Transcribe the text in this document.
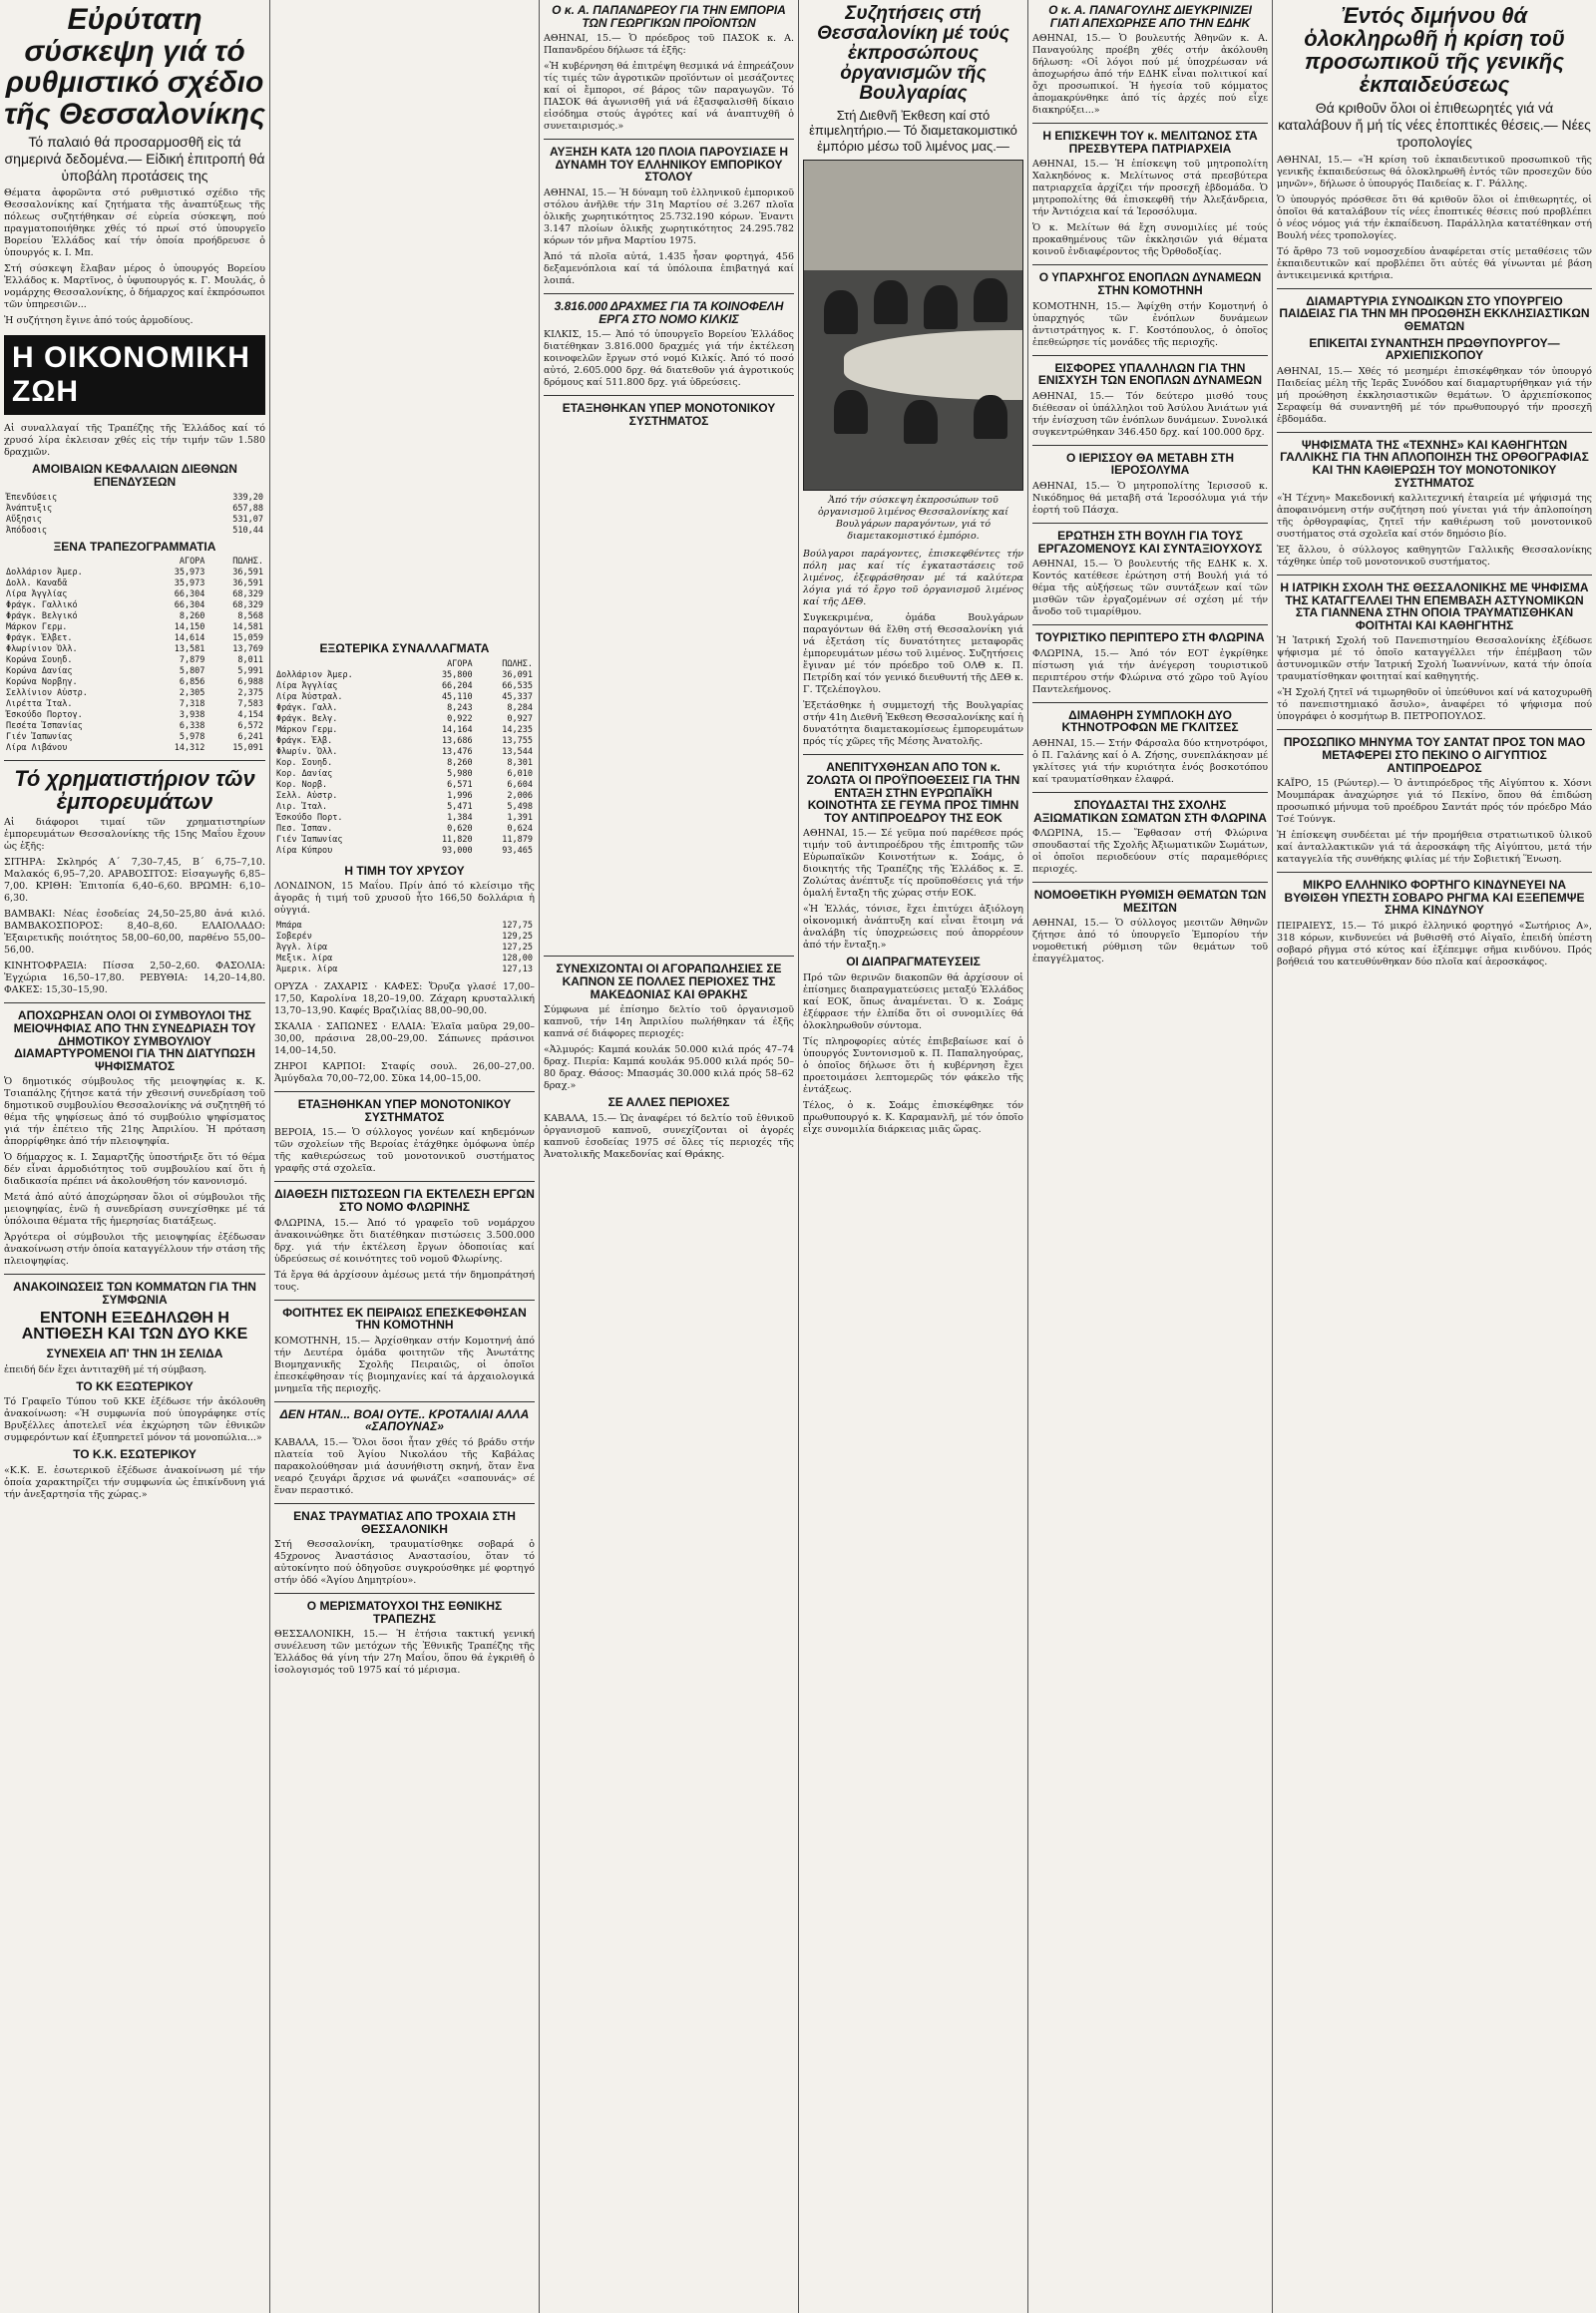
Εὐρύτατη σύσκεψη γιά τό ρυθμιστικό σχέδιο τῆς Θεσσαλονίκης
Τό παλαιό θά προσαρμοσθῆ εἰς τά σημερινά δεδομένα.— Εἰδική ἐπιτροπή θά ὑποβάλη προτάσεις της

Θέματα ἀφορῶντα στό ρυθμιστικό σχέδιο τῆς Θεσσαλονίκης καί ζητήματα τῆς ἀναπτύξεως τῆς πόλεως συζητήθηκαν σέ εὐρεία σύσκεψη, πού πραγματοποιήθηκε χθές τό πρωί στό ὑπουργεῖο Βορείου Ἑλλάδος καί τήν ὁποία προήδρευσε ὁ ὑπουργός κ. Ι. Μπ.

Στή σύσκεψη ἔλαβαν μέρος ὁ ὑπουργός Βορείου Ἑλλάδος κ. Μαρτῖνος, ὁ ὑφυπουργός κ. Γ. Μουλάς, ὁ νομάρχης Θεσσαλονίκης, ὁ δήμαρχος καί ἐκπρόσωποι τῶν ὑπηρεσιῶν...

Ἡ συζήτηση ἔγινε ἀπό τούς ἁρμοδίους.

Η ΟΙΚΟΝΟΜΙΚΗ ΖΩΗ

Αἱ συναλλαγαί τῆς Τραπέζης τῆς Ἑλλάδος καί τό χρυσό λίρα ἐκλεισαν χθές εἰς τήν τιμήν τῶν 1.580 δραχμῶν.

ΑΜΟΙΒΑΙΩΝ ΚΕΦΑΛΑΙΩΝ ΔΙΕΘΝΩΝ ΕΠΕΝΔΥΣΕΩΝ
Ἐπενδύσεις	339,20
Ἀνάπτυξις	657,88
Αὔξησις	531,07
Ἀπόδοσις	510,44
ΞΕΝΑ ΤΡΑΠΕΖΟΓΡΑΜΜΑΤΙΑ
	ΑΓΟΡΑ	ΠΩΛΗΣ.
Δολλάριον Ἀμερ.	35,973	36,591
Δολλ. Καναδᾶ	35,973	36,591
Λίρα Ἀγγλίας	66,304	68,329
Φράγκ. Γαλλικό	66,304	68,329
Φράγκ. Βελγικό	8,260	8,568
Μάρκον Γερμ.	14,150	14,581
Φράγκ. Ἑλβετ.	14,614	15,059
Φλωρίνιον Ὁλλ.	13,581	13,769
Κορώνα Σουηδ.	7,879	8,011
Κορώνα Δανίας	5,807	5,991
Κορώνα Νορβηγ.	6,856	6,988
Σελλίνιον Αὐστρ.	2,305	2,375
Λιρέττα Ἰταλ.	7,318	7,583
Ἐσκούδο Πορτογ.	3,938	4,154
Πεσέτα Ἱσπανίας	6,338	6,572
Γιέν Ἰαπωνίας	5,978	6,241
Λίρα Λιβάνου	14,312	15,091
Τό χρηματιστήριον τῶν ἐμπορευμάτων

Αἱ διάφοροι τιμαί τῶν χρηματιστηρίων ἐμπορευμάτων Θεσσαλονίκης τῆς 15ης Μαΐου ἔχουν ὡς ἑξῆς:

ΣΙΤΗΡΑ: Σκληρός Α΄ 7,30–7,45, Β΄ 6,75–7,10. Μαλακός 6,95–7,20. ΑΡΑΒΟΣΙΤΟΣ: Εἰσαγωγῆς 6,85–7,00. ΚΡΙΘΗ: Ἐπιτοπία 6,40–6,60. ΒΡΩΜΗ: 6,10–6,30.

ΒΑΜΒΑΚΙ: Νέας ἐσοδείας 24,50–25,80 ἀνά κιλό. ΒΑΜΒΑΚΟΣΠΟΡΟΣ: 8,40–8,60. ΕΛΑΙΟΛΑΔΟ: Ἐξαιρετικῆς ποιότητος 58,00–60,00, παρθένο 55,00–56,00.

ΚΙΝΗΤΟΦΡΑΞΙΑ: Πίσσα 2,50–2,60. ΦΑΣΟΛΙΑ: Ἐγχώρια 16,50–17,80. ΡΕΒΥΘΙΑ: 14,20–14,80. ΦΑΚΕΣ: 15,30–15,90.

ΑΠΟΧΩΡΗΣΑΝ ΟΛΟΙ ΟΙ ΣΥΜΒΟΥΛΟΙ ΤΗΣ ΜΕΙΟΨΗΦΙΑΣ ΑΠΟ ΤΗΝ ΣΥΝΕΔΡΙΑΣΗ ΤΟΥ ΔΗΜΟΤΙΚΟΥ ΣΥΜΒΟΥΛΙΟΥ ΔΙΑΜΑΡΤΥΡΟΜΕΝΟΙ ΓΙΑ ΤΗΝ ΔΙΑΤΥΠΩΣΗ ΨΗΦΙΣΜΑΤΟΣ

Ὁ δημοτικός σύμβουλος τῆς μειοψηφίας κ. Κ. Τσιαπάλης ζήτησε κατά τήν χθεσινή συνεδρίαση τοῦ δημοτικοῦ συμβουλίου Θεσσαλονίκης νά συζητηθῆ τό θέμα τῆς ψηφίσεως ἀπό τό συμβούλιο ψηφίσματος γιά τήν ἐπέτειο τῆς 21ης Ἀπριλίου. Ἡ πρόταση ἀπορρίφθηκε ἀπό τήν πλειοψηφία.

Ὁ δήμαρχος κ. Ι. Σαμαρτζῆς ὑποστήριξε ὅτι τό θέμα δέν εἶναι ἁρμοδιότητος τοῦ συμβουλίου καί ὅτι ἡ διαδικασία πρέπει νά ἀκολουθήση τόν κανονισμό.

Μετά ἀπό αὐτό ἀποχώρησαν ὅλοι οἱ σύμβουλοι τῆς μειοψηφίας, ἐνῶ ἡ συνεδρίαση συνεχίσθηκε μέ τά ὑπόλοιπα θέματα τῆς ἡμερησίας διατάξεως.

Ἀργότερα οἱ σύμβουλοι τῆς μειοψηφίας ἐξέδωσαν ἀνακοίνωση στήν ὁποία καταγγέλλουν τήν στάση τῆς πλειοψηφίας.

ΑΝΑΚΟΙΝΩΣΕΙΣ ΤΩΝ ΚΟΜΜΑΤΩΝ ΓΙΑ ΤΗΝ ΣΥΜΦΩΝΙΑ
ΕΝΤΟΝΗ ΕΞΕΔΗΛΩΘΗ Η ΑΝΤΙΘΕΣΗ ΚΑΙ ΤΩΝ ΔΥΟ ΚΚΕ
ΣΥΝΕΧΕΙΑ ΑΠ' ΤΗΝ 1Η ΣΕΛΙΔΑ

ἐπειδή δέν ἔχει ἀντιταχθῆ μέ τή σύμβαση.

ΤΟ ΚΚ ΕΞΩΤΕΡΙΚΟΥ

Τό Γραφεῖο Τύπου τοῦ ΚΚΕ ἐξέδωσε τήν ἀκόλουθη ἀνακοίνωση: «Ἡ συμφωνία πού ὑπογράφηκε στίς Βρυξέλλες ἀποτελεῖ νέα ἐκχώρηση τῶν ἐθνικῶν συμφερόντων καί ἐξυπηρετεῖ μόνον τά μονοπώλια...»

ΤΟ Κ.Κ. ΕΣΩΤΕΡΙΚΟΥ

«Κ.Κ. Ε. ἐσωτερικοῦ ἐξέδωσε ἀνακοίνωση μέ τήν ὁποία χαρακτηρίζει τήν συμφωνία ὡς ἐπικίνδυνη γιά τήν ἀνεξαρτησία τῆς χώρας.»

ΕΞΩΤΕΡΙΚΑ ΣΥΝΑΛΛΑΓΜΑΤΑ
	ΑΓΟΡΑ	ΠΩΛΗΣ.
Δολλάριον Ἀμερ.	35,800	36,091
Λίρα Ἀγγλίας	66,204	66,535
Λίρα Ἀὐστραλ.	45,110	45,337
Φράγκ. Γαλλ.	8,243	8,284
Φράγκ. Βελγ.	0,922	0,927
Μάρκον Γερμ.	14,164	14,235
Φράγκ. Ἑλβ.	13,686	13,755
Φλωρίν. Ὁλλ.	13,476	13,544
Κορ. Σουηδ.	8,260	8,301
Κορ. Δανίας	5,980	6,010
Κορ. Νορβ.	6,571	6,604
Σελλ. Αὐστρ.	1,996	2,006
Λιρ. Ἰταλ.	5,471	5,498
Ἐσκούδο Πορτ.	1,384	1,391
Πεσ. Ἱσπαν.	0,620	0,624
Γιέν Ἰαπωνίας	11,820	11,879
Λίρα Κύπρου	93,000	93,465
Η ΤΙΜΗ ΤΟΥ ΧΡΥΣΟΥ

ΛΟΝΔΙΝΟΝ, 15 Μαΐου. Πρίν ἀπό τό κλείσιμο τῆς ἀγορᾶς ἡ τιμή τοῦ χρυσοῦ ἦτο 166,50 δολλάρια ἡ οὐγγιά.

Μπάρα	127,75
Σοβερέν	129,25
Ἀγγλ. λίρα	127,25
Μεξικ. λίρα	128,00
Ἀμερικ. λίρα	127,13

ΟΡΥΖΑ · ΖΑΧΑΡΙΣ · ΚΑΦΕΣ: Ὄρυζα γλασέ 17,00–17,50, Καρολίνα 18,20–19,00. Ζάχαρη κρυσταλλική 13,70–13,90. Καφές Βραζιλίας 88,00–90,00.

ΣΚΑΛΙΑ · ΣΑΠΩΝΕΣ · ΕΛΑΙΑ: Ἐλαῖα μαῦρα 29,00–30,00, πράσινα 28,00–29,00. Σάπωνες πράσινοι 14,00–14,50.

ΖΗΡΟΙ ΚΑΡΠΟΙ: Σταφίς σουλ. 26,00–27,00. Ἀμύγδαλα 70,00–72,00. Σῦκα 14,00–15,00.

ΕΤΑΞΗΘΗΚΑΝ ΥΠΕΡ ΜΟΝΟΤΟΝΙΚΟΥ ΣΥΣΤΗΜΑΤΟΣ

ΒΕΡΟΙΑ, 15.— Ὁ σύλλογος γονέων καί κηδεμόνων τῶν σχολείων τῆς Βεροίας ἐτάχθηκε ὁμόφωνα ὑπέρ τῆς καθιερώσεως τοῦ μονοτονικοῦ συστήματος γραφῆς στά σχολεῖα.

ΔΙΑΘΕΣΗ ΠΙΣΤΩΣΕΩΝ ΓΙΑ ΕΚΤΕΛΕΣΗ ΕΡΓΩΝ ΣΤΟ ΝΟΜΟ ΦΛΩΡΙΝΗΣ

ΦΛΩΡΙΝΑ, 15.— Ἀπό τό γραφεῖο τοῦ νομάρχου ἀνακοινώθηκε ὅτι διατέθηκαν πιστώσεις 3.500.000 δρχ. γιά τήν ἐκτέλεση ἔργων ὁδοποιίας καί ὑδρεύσεως σέ κοινότητες τοῦ νομοῦ Φλωρίνης.

Τά ἔργα θά ἀρχίσουν ἀμέσως μετά τήν δημοπράτησή τους.

ΦΟΙΤΗΤΕΣ ΕΚ ΠΕΙΡΑΙΩΣ ΕΠΕΣΚΕΦΘΗΣΑΝ ΤΗΝ ΚΟΜΟΤΗΝΗ

ΚΟΜΟΤΗΝΗ, 15.— Ἀρχίσθηκαν στήν Κομοτηνή ἀπό τήν Δευτέρα ὁμάδα φοιτητῶν τῆς Ἀνωτάτης Βιομηχανικῆς Σχολῆς Πειραιῶς, οἱ ὁποῖοι ἐπεσκέφθησαν τίς βιομηχανίες καί τά ἀρχαιολογικά μνημεῖα τῆς περιοχῆς.

ΔΕΝ ΗΤΑΝ... ΒΟΑΙ ΟΥΤΕ.. ΚΡΟΤΑΛΙΑΙ ΑΛΛΑ «ΣΑΠΟΥΝΑΣ»

ΚΑΒΑΛΑ, 15.— Ὅλοι ὅσοι ἦταν χθές τό βράδυ στήν πλατεία τοῦ Ἁγίου Νικολάου τῆς Καβάλας παρακολούθησαν μιά ἀσυνήθιστη σκηνή, ὅταν ἕνα νεαρό ζευγάρι ἄρχισε νά φωνάζει «σαπουνάς» σέ ἕναν περαστικό.

ΕΝΑΣ ΤΡΑΥΜΑΤΙΑΣ ΑΠΟ ΤΡΟΧΑΙΑ ΣΤΗ ΘΕΣΣΑΛΟΝΙΚΗ

Στή Θεσσαλονίκη, τραυματίσθηκε σοβαρά ὁ 45χρονος Ἀναστάσιος Αναστασίου, ὅταν τό αὐτοκίνητο πού ὁδηγοῦσε συγκρούσθηκε μέ φορτηγό στήν ὁδό «Ἁγίου Δημητρίου».

Ο ΜΕΡΙΣΜΑΤΟΥΧΟΙ ΤΗΣ ΕΘΝΙΚΗΣ ΤΡΑΠΕΖΗΣ

ΘΕΣΣΑΛΟΝΙΚΗ, 15.— Ἡ ἐτήσια τακτική γενική συνέλευση τῶν μετόχων τῆς Ἐθνικῆς Τραπέζης τῆς Ἑλλάδος θά γίνη τήν 27η Μαΐου, ὅπου θά ἐγκριθῆ ὁ ἰσολογισμός τοῦ 1975 καί τό μέρισμα.

Ο κ. Α. ΠΑΠΑΝΔΡΕΟΥ ΓΙΑ ΤΗΝ ΕΜΠΟΡΙΑ ΤΩΝ ΓΕΩΡΓΙΚΩΝ ΠΡΟΪΟΝΤΩΝ

ΑΘΗΝΑΙ, 15.— Ὁ πρόεδρος τοῦ ΠΑΣΟΚ κ. Α. Παπανδρέου δήλωσε τά ἑξῆς:

«Ἡ κυβέρνηση θά ἐπιτρέψη θεσμικά νά ἐπηρεάζουν τίς τιμές τῶν ἀγροτικῶν προϊόντων οἱ μεσάζοντες καί οἱ ἔμποροι, σέ βάρος τῶν παραγωγῶν. Τό ΠΑΣΟΚ θά ἀγωνισθῆ γιά νά ἐξασφαλισθῆ δίκαιο εἰσόδημα στούς ἀγρότες καί νά ἀναπτυχθῆ ὁ συνεταιρισμός.»

ΑΥΞΗΣΗ ΚΑΤΑ 120 ΠΛΟΙΑ ΠΑΡΟΥΣΙΑΣΕ Η ΔΥΝΑΜΗ ΤΟΥ ΕΛΛΗΝΙΚΟΥ ΕΜΠΟΡΙΚΟΥ ΣΤΟΛΟΥ

ΑΘΗΝΑΙ, 15.— Ἡ δύναμη τοῦ ἑλληνικοῦ ἐμπορικοῦ στόλου ἀνῆλθε τήν 31η Μαρτίου σέ 3.267 πλοῖα ὁλικῆς χωρητικότητος 25.732.190 κόρων. Ἐναντι 3.147 πλοίων ὁλικῆς χωρητικότητος 24.295.782 κόρων τόν μῆνα Μαρτίου 1975.

Ἀπό τά πλοῖα αὐτά, 1.435 ἦσαν φορτηγά, 456 δεξαμενόπλοια καί τά ὑπόλοιπα ἐπιβατηγά καί λοιπά.

3.816.000 ΔΡΑΧΜΕΣ ΓΙΑ ΤΑ ΚΟΙΝΟΦΕΛΗ ΕΡΓΑ ΣΤΟ ΝΟΜΟ ΚΙΛΚΙΣ

ΚΙΛΚΙΣ, 15.— Ἀπό τό ὑπουργεῖο Βορείου Ἑλλάδος διατέθηκαν 3.816.000 δραχμές γιά τήν ἐκτέλεση κοινοφελῶν ἔργων στό νομό Κιλκίς. Ἀπό τό ποσό αὐτό, 2.605.000 δρχ. θά διατεθοῦν γιά ἀγροτικούς δρόμους καί 511.800 δρχ. γιά ὑδρεύσεις.

ΕΤΑΞΗΘΗΚΑΝ ΥΠΕΡ ΜΟΝΟΤΟΝΙΚΟΥ ΣΥΣΤΗΜΑΤΟΣ
ΣΥΝΕΧΙΖΟΝΤΑΙ ΟΙ ΑΓΟΡΑΠΩΛΗΣΙΕΣ ΣΕ ΚΑΠΝΟΝ ΣΕ ΠΟΛΛΕΣ ΠΕΡΙΟΧΕΣ ΤΗΣ ΜΑΚΕΔΟΝΙΑΣ ΚΑΙ ΘΡΑΚΗΣ

Σύμφωνα μέ ἐπίσημο δελτίο τοῦ ὀργανισμοῦ καπνοῦ, τήν 14η Ἀπριλίου πωλήθηκαν τά ἑξῆς καπνά σέ διάφορες περιοχές:

«Ἀλμυρός: Καμπά κουλάκ 50.000 κιλά πρός 47–74 δραχ. Πιερία: Καμπά κουλάκ 95.000 κιλά πρός 50–80 δραχ. Θάσος: Μπασμάς 30.000 κιλά πρός 58–62 δραχ.»

ΣΕ ΑΛΛΕΣ ΠΕΡΙΟΧΕΣ

ΚΑΒΑΛΑ, 15.— Ὡς ἀναφέρει τό δελτίο τοῦ ἐθνικοῦ ὀργανισμοῦ καπνοῦ, συνεχίζονται οἱ ἀγορές καπνοῦ ἐσοδείας 1975 σέ ὅλες τίς περιοχές τῆς Ἀνατολικῆς Μακεδονίας καί Θράκης.

Συζητήσεις στή Θεσσαλονίκη μέ τούς ἐκπροσώπους ὀργανισμῶν τῆς Βουλγαρίας
Στή Διεθνῆ Ἐκθεση καί στό ἐπιμελητήριο.— Τό διαμετακομιστικό ἐμπόριο μέσω τοῦ λιμένος μας.—
Ἀπό τήν σύσκεψη ἐκπροσώπων τοῦ ὀργανισμοῦ λιμένος Θεσσαλονίκης καί Βουλγάρων παραγόντων, γιά τό διαμετακομιστικό ἐμπόριο.

Βούλγαροι παράγοντες, ἐπισκεφθέντες τήν πόλη μας καί τίς ἐγκαταστάσεις τοῦ λιμένος, ἐξεφράσθησαν μέ τά καλύτερα λόγια γιά τό ἔργο τοῦ ὀργανισμοῦ λιμένος καί τῆς ΔΕΘ.

Συγκεκριμένα, ὁμάδα Βουλγάρων παραγόντων θά ἔλθη στή Θεσσαλονίκη γιά νά ἐξετάση τίς δυνατότητες μεταφορᾶς ἐμπορευμάτων μέσω τοῦ λιμένος. Συζητήσεις ἔγιναν μέ τόν πρόεδρο τοῦ ΟΛΘ κ. Π. Πετρίδη καί τόν γενικό διευθυντή τῆς ΔΕΘ κ. Γ. Τζελέπογλου.

Ἐξετάσθηκε ἡ συμμετοχή τῆς Βουλγαρίας στήν 41η Διεθνῆ Ἐκθεση Θεσσαλονίκης καί ἡ δυνατότητα διαμετακομίσεως ἐμπορευμάτων πρός τίς χῶρες τῆς Μέσης Ἀνατολῆς.

ΑΝΕΠΙΤΥΧΘΗΣΑΝ ΑΠΟ ΤΟΝ κ. ΖΟΛΩΤΑ ΟΙ ΠΡΟΫΠΟΘΕΣΕΙΣ ΓΙΑ ΤΗΝ ΕΝΤΑΞΗ ΣΤΗΝ ΕΥΡΩΠΑΪΚΗ ΚΟΙΝΟΤΗΤΑ ΣΕ ΓΕΥΜΑ ΠΡΟΣ ΤΙΜΗΝ ΤΟΥ ΑΝΤΙΠΡΟΕΔΡΟΥ ΤΗΣ ΕΟΚ

ΑΘΗΝΑΙ, 15.— Σέ γεῦμα πού παρέθεσε πρός τιμήν τοῦ ἀντιπροέδρου τῆς ἐπιτροπῆς τῶν Εὐρωπαϊκῶν Κοινοτήτων κ. Σοάμς, ὁ διοικητής τῆς Τραπέζης τῆς Ἑλλάδος κ. Ξ. Ζολώτας ἀνέπτυξε τίς προϋποθέσεις γιά τήν ὁμαλή ἔνταξη τῆς χώρας στήν ΕΟΚ.

«Ἡ Ἑλλάς, τόνισε, ἔχει ἐπιτύχει ἀξιόλογη οἰκονομική ἀνάπτυξη καί εἶναι ἕτοιμη νά ἀναλάβη τίς ὑποχρεώσεις πού ἀπορρέουν ἀπό τήν ἔνταξη.»

ΟΙ ΔΙΑΠΡΑΓΜΑΤΕΥΣΕΙΣ

Πρό τῶν θερινῶν διακοπῶν θά ἀρχίσουν οἱ ἐπίσημες διαπραγματεύσεις μεταξύ Ἑλλάδος καί ΕΟΚ, ὅπως ἀναμένεται. Ὁ κ. Σοάμς ἐξέφρασε τήν ἐλπίδα ὅτι οἱ συνομιλίες θά ὁλοκληρωθοῦν σύντομα.

Τίς πληροφορίες αὐτές ἐπιβεβαίωσε καί ὁ ὑπουργός Συντονισμοῦ κ. Π. Παπαληγούρας, ὁ ὁποῖος δήλωσε ὅτι ἡ κυβέρνηση ἔχει προετοιμάσει λεπτομερῶς τόν φάκελο τῆς ἐντάξεως.

Τέλος, ὁ κ. Σοάμς ἐπισκέφθηκε τόν πρωθυπουργό κ. Κ. Καραμανλῆ, μέ τόν ὁποῖο εἶχε συνομιλία διάρκειας μιᾶς ὥρας.

Ο κ. Α. ΠΑΝΑΓΟΥΛΗΣ ΔΙΕΥΚΡΙΝΙΖΕΙ ΓΙΑΤΙ ΑΠΕΧΩΡΗΣΕ ΑΠΟ ΤΗΝ ΕΔΗΚ

ΑΘΗΝΑΙ, 15.— Ὁ βουλευτής Ἀθηνῶν κ. Α. Παναγούλης προέβη χθές στήν ἀκόλουθη δήλωση: «Οἱ λόγοι πού μέ ὑποχρέωσαν νά ἀποχωρήσω ἀπό τήν ΕΔΗΚ εἶναι πολιτικοί καί ὄχι προσωπικοί. Ἡ ἡγεσία τοῦ κόμματος ἀπομακρύνθηκε ἀπό τίς ἀρχές πού εἶχε διακηρύξει...»

Η ΕΠΙΣΚΕΨΗ ΤΟΥ κ. ΜΕΛΙΤΩΝΟΣ ΣΤΑ ΠΡΕΣΒΥΤΕΡΑ ΠΑΤΡΙΑΡΧΕΙΑ

ΑΘΗΝΑΙ, 15.— Ἡ ἐπίσκεψη τοῦ μητροπολίτη Χαλκηδόνος κ. Μελίτωνος στά πρεσβύτερα πατριαρχεῖα ἀρχίζει τήν προσεχῆ ἑβδομάδα. Ὁ μητροπολίτης θά ἐπισκεφθῆ τήν Ἀλεξάνδρεια, τήν Ἀντιόχεια καί τά Ἱεροσόλυμα.

Ὁ κ. Μελίτων θά ἔχη συνομιλίες μέ τούς προκαθημένους τῶν ἐκκλησιῶν γιά θέματα κοινοῦ ἐνδιαφέροντος τῆς Ὀρθοδοξίας.

Ο ΥΠΑΡΧΗΓΟΣ ΕΝΟΠΛΩΝ ΔΥΝΑΜΕΩΝ ΣΤΗΝ ΚΟΜΟΤΗΝΗ

ΚΟΜΟΤΗΝΗ, 15.— Ἀφίχθη στήν Κομοτηνή ὁ ὑπαρχηγός τῶν ἐνόπλων δυνάμεων ἀντιστράτηγος κ. Γ. Κοστόπουλος, ὁ ὁποῖος ἐπεθεώρησε τίς μονάδες τῆς περιοχῆς.

ΕΙΣΦΟΡΕΣ ΥΠΑΛΛΗΛΩΝ ΓΙΑ ΤΗΝ ΕΝΙΣΧΥΣΗ ΤΩΝ ΕΝΟΠΛΩΝ ΔΥΝΑΜΕΩΝ

ΑΘΗΝΑΙ, 15.— Τόν δεύτερο μισθό τους διέθεσαν οἱ ὑπάλληλοι τοῦ Ἀσύλου Ἀνιάτων γιά τήν ἐνίσχυση τῶν ἐνόπλων δυνάμεων. Συνολικά συγκεντρώθηκαν 346.450 δρχ. καί 100.000 δρχ.

Ο ΙΕΡΙΣΣΟΥ ΘΑ ΜΕΤΑΒΗ ΣΤΗ ΙΕΡΟΣΟΛΥΜΑ

ΑΘΗΝΑΙ, 15.— Ὁ μητροπολίτης Ἱερισσοῦ κ. Νικόδημος θά μεταβῆ στά Ἱεροσόλυμα γιά τήν ἑορτή τοῦ Πάσχα.

ΕΡΩΤΗΣΗ ΣΤΗ ΒΟΥΛΗ ΓΙΑ ΤΟΥΣ ΕΡΓΑΖΟΜΕΝΟΥΣ ΚΑΙ ΣΥΝΤΑΞΙΟΥΧΟΥΣ

ΑΘΗΝΑΙ, 15.— Ὁ βουλευτής τῆς ΕΔΗΚ κ. Χ. Κοντός κατέθεσε ἐρώτηση στή Βουλή γιά τό θέμα τῆς αὐξήσεως τῶν συντάξεων καί τῶν μισθῶν τῶν ἐργαζομένων σέ σχέση μέ τήν ἄνοδο τοῦ τιμαρίθμου.

ΤΟΥΡΙΣΤΙΚΟ ΠΕΡΙΠΤΕΡΟ ΣΤΗ ΦΛΩΡΙΝΑ

ΦΛΩΡΙΝΑ, 15.— Ἀπό τόν ΕΟΤ ἐγκρίθηκε πίστωση γιά τήν ἀνέγερση τουριστικοῦ περιπτέρου στήν Φλώρινα στό χῶρο τοῦ Ἀγίου Παντελεήμονος.

ΔΙΜΑΘΗΡΗ ΣΥΜΠΛΟΚΗ ΔΥΟ ΚΤΗΝΟΤΡΟΦΩΝ ΜΕ ΓΚΛΙΤΣΕΣ

ΑΘΗΝΑΙ, 15.— Στήν Φάρσαλα δύο κτηνοτρόφοι, ὁ Π. Γαλάνης καί ὁ Α. Ζήσης, συνεπλάκησαν μέ γκλίτσες γιά τήν κυριότητα ἑνός βοσκοτόπου καί τραυματίσθηκαν ἐλαφρά.

ΣΠΟΥΔΑΣΤΑΙ ΤΗΣ ΣΧΟΛΗΣ ΑΞΙΩΜΑΤΙΚΩΝ ΣΩΜΑΤΩΝ ΣΤΗ ΦΛΩΡΙΝΑ

ΦΛΩΡΙΝΑ, 15.— Ἔφθασαν στή Φλώρινα σπουδασταί τῆς Σχολῆς Ἀξιωματικῶν Σωμάτων, οἱ ὁποῖοι περιοδεύουν στίς παραμεθόριες περιοχές.

ΝΟΜΟΘΕΤΙΚΗ ΡΥΘΜΙΣΗ ΘΕΜΑΤΩΝ ΤΩΝ ΜΕΣΙΤΩΝ

ΑΘΗΝΑΙ, 15.— Ὁ σύλλογος μεσιτῶν Ἀθηνῶν ζήτησε ἀπό τό ὑπουργεῖο Ἐμπορίου τήν νομοθετική ρύθμιση τῶν θεμάτων τοῦ ἐπαγγέλματος.

Ἐντός διμήνου θά ὁλοκληρωθῆ ἡ κρίση τοῦ προσωπικοῦ τῆς γενικῆς ἐκπαιδεύσεως
Θά κριθοῦν ὅλοι οἱ ἐπιθεωρητές γιά νά καταλάβουν ἤ μή τίς νέες ἐποπτικές θέσεις.— Νέες τροπολογίες

ΑΘΗΝΑΙ, 15.— «Ἡ κρίση τοῦ ἐκπαιδευτικοῦ προσωπικοῦ τῆς γενικῆς ἐκπαιδεύσεως θά ὁλοκληρωθῆ ἐντός τῶν προσεχῶν δύο μηνῶν», δήλωσε ὁ ὑπουργός Παιδείας κ. Γ. Ράλλης.

Ὁ ὑπουργός πρόσθεσε ὅτι θά κριθοῦν ὅλοι οἱ ἐπιθεωρητές, οἱ ὁποῖοι θά καταλάβουν τίς νέες ἐποπτικές θέσεις πού προβλέπει ὁ νέος νόμος γιά τήν ἐκπαίδευση. Παράλληλα κατατέθηκαν στή Βουλή νέες τροπολογίες.

Τό ἄρθρο 73 τοῦ νομοσχεδίου ἀναφέρεται στίς μεταθέσεις τῶν ἐκπαιδευτικῶν καί προβλέπει ὅτι αὐτές θά γίνωνται μέ βάση ἀντικειμενικά κριτήρια.

ΔΙΑΜΑΡΤΥΡΙΑ ΣΥΝΟΔΙΚΩΝ ΣΤΟ ΥΠΟΥΡΓΕΙΟ ΠΑΙΔΕΙΑΣ ΓΙΑ ΤΗΝ ΜΗ ΠΡΟΩΘΗΣΗ ΕΚΚΛΗΣΙΑΣΤΙΚΩΝ ΘΕΜΑΤΩΝ
ΕΠΙΚΕΙΤΑΙ ΣΥΝΑΝΤΗΣΗ ΠΡΩΘΥΠΟΥΡΓΟΥ—ΑΡΧΙΕΠΙΣΚΟΠΟΥ

ΑΘΗΝΑΙ, 15.— Χθές τό μεσημέρι ἐπισκέφθηκαν τόν ὑπουργό Παιδείας μέλη τῆς Ἱερᾶς Συνόδου καί διαμαρτυρήθηκαν γιά τήν μή προώθηση ἐκκλησιαστικῶν θεμάτων. Ὁ ἀρχιεπίσκοπος Σεραφείμ θά συναντηθῆ μέ τόν πρωθυπουργό τήν προσεχῆ ἑβδομάδα.

ΨΗΦΙΣΜΑΤΑ ΤΗΣ «ΤΕΧΝΗΣ» ΚΑΙ ΚΑΘΗΓΗΤΩΝ ΓΑΛΛΙΚΗΣ ΓΙΑ ΤΗΝ ΑΠΛΟΠΟΙΗΣΗ ΤΗΣ ΟΡΘΟΓΡΑΦΙΑΣ ΚΑΙ ΤΗΝ ΚΑΘΙΕΡΩΣΗ ΤΟΥ ΜΟΝΟΤΟΝΙΚΟΥ ΣΥΣΤΗΜΑΤΟΣ

«Ἡ Τέχνη» Μακεδονική καλλιτεχνική ἑταιρεία μέ ψήφισμά της ἀποφαινόμενη στήν συζήτηση πού γίνεται γιά τήν ἀπλοποίηση τῆς ὀρθογραφίας, ζητεῖ τήν καθιέρωση τοῦ μονοτονικοῦ συστήματος στά σχολεῖα καί στόν δημόσιο βίο.

Ἐξ ἄλλου, ὁ σύλλογος καθηγητῶν Γαλλικῆς Θεσσαλονίκης τάχθηκε ὑπέρ τοῦ μονοτονικοῦ συστήματος.

Η ΙΑΤΡΙΚΗ ΣΧΟΛΗ ΤΗΣ ΘΕΣΣΑΛΟΝΙΚΗΣ ΜΕ ΨΗΦΙΣΜΑ ΤΗΣ ΚΑΤΑΓΓΕΛΛΕΙ ΤΗΝ ΕΠΕΜΒΑΣΗ ΑΣΤΥΝΟΜΙΚΩΝ ΣΤΑ ΓΙΑΝΝΕΝΑ ΣΤΗΝ ΟΠΟΙΑ ΤΡΑΥΜΑΤΙΣΘΗΚΑΝ ΦΟΙΤΗΤΑΙ ΚΑΙ ΚΑΘΗΓΗΤΗΣ

Ἡ Ἰατρική Σχολή τοῦ Πανεπιστημίου Θεσσαλονίκης ἐξέδωσε ψήφισμα μέ τό ὁποῖο καταγγέλλει τήν ἐπέμβαση τῶν ἀστυνομικῶν στήν Ἰατρική Σχολή Ἰωαννίνων, κατά τήν ὁποία τραυματίσθηκαν φοιτηταί καί καθηγητής.

«Ἡ Σχολή ζητεῖ νά τιμωρηθοῦν οἱ ὑπεύθυνοι καί νά κατοχυρωθῆ τό πανεπιστημιακό ἄσυλο», ἀναφέρει τό ψήφισμα πού ὑπογράφει ὁ κοσμήτωρ Β. ΠΕΤΡΟΠΟΥΛΟΣ.

ΠΡΟΣΩΠΙΚΟ ΜΗΝΥΜΑ ΤΟΥ ΣΑΝΤΑΤ ΠΡΟΣ ΤΟΝ ΜΑΟ ΜΕΤΑΦΕΡΕΙ ΣΤΟ ΠΕΚΙΝΟ Ο ΑΙΓΥΠΤΙΟΣ ΑΝΤΙΠΡΟΕΔΡΟΣ

ΚΑΪΡΟ, 15 (Ρώυτερ).— Ὁ ἀντιπρόεδρος τῆς Αἰγύπτου κ. Χόσνι Μουμπάρακ ἀναχώρησε γιά τό Πεκίνο, ὅπου θά ἐπιδώση προσωπικό μήνυμα τοῦ προέδρου Σαντάτ πρός τόν πρόεδρο Μάο Τσέ Τούνγκ.

Ἡ ἐπίσκεψη συνδέεται μέ τήν προμήθεια στρατιωτικοῦ ὑλικοῦ καί ἀνταλλακτικῶν γιά τά ἀεροσκάφη τῆς Αἰγύπτου, μετά τήν καταγγελία τῆς συνθήκης φιλίας μέ τήν Σοβιετική Ἕνωση.

ΜΙΚΡΟ ΕΛΛΗΝΙΚΟ ΦΟΡΤΗΓΟ ΚΙΝΔΥΝΕΥΕΙ ΝΑ ΒΥΘΙΣΘΗ ΥΠΕΣΤΗ ΣΟΒΑΡΟ ΡΗΓΜΑ ΚΑΙ ΕΞΕΠΕΜΨΕ ΣΗΜΑ ΚΙΝΔΥΝΟΥ

ΠΕΙΡΑΙΕΥΣ, 15.— Τό μικρό ἑλληνικό φορτηγό «Σωτήριος Α», 318 κόρων, κινδυνεύει νά βυθισθῆ στό Αἰγαῖο, ἐπειδή ὑπέστη σοβαρό ρῆγμα στό κύτος καί ἐξέπεμψε σῆμα κινδύνου. Πρός βοήθειά του κατευθύνθηκαν δύο πλοῖα καί ἀεροσκάφος.
